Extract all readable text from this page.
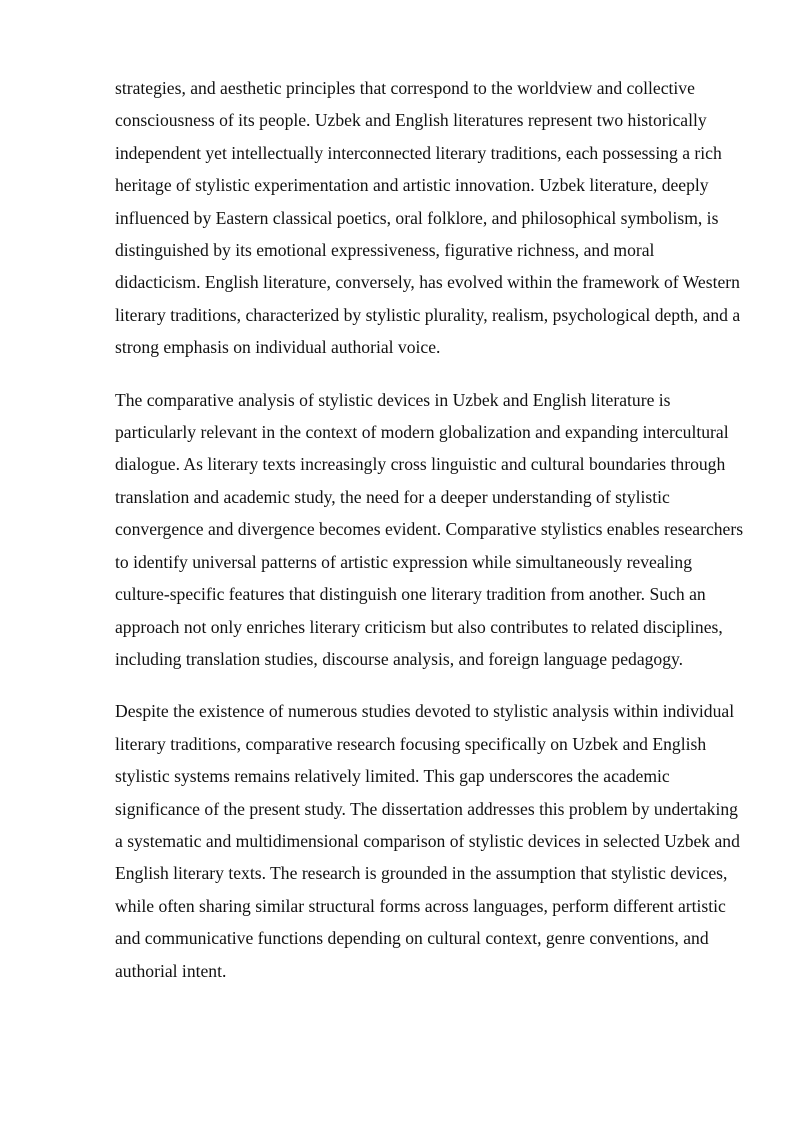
strategies, and aesthetic principles that correspond to the worldview and collective consciousness of its people. Uzbek and English literatures represent two historically independent yet intellectually interconnected literary traditions, each possessing a rich heritage of stylistic experimentation and artistic innovation. Uzbek literature, deeply influenced by Eastern classical poetics, oral folklore, and philosophical symbolism, is distinguished by its emotional expressiveness, figurative richness, and moral didacticism. English literature, conversely, has evolved within the framework of Western literary traditions, characterized by stylistic plurality, realism, psychological depth, and a strong emphasis on individual authorial voice.

The comparative analysis of stylistic devices in Uzbek and English literature is particularly relevant in the context of modern globalization and expanding intercultural dialogue. As literary texts increasingly cross linguistic and cultural boundaries through translation and academic study, the need for a deeper understanding of stylistic convergence and divergence becomes evident. Comparative stylistics enables researchers to identify universal patterns of artistic expression while simultaneously revealing culture-specific features that distinguish one literary tradition from another. Such an approach not only enriches literary criticism but also contributes to related disciplines, including translation studies, discourse analysis, and foreign language pedagogy.

Despite the existence of numerous studies devoted to stylistic analysis within individual literary traditions, comparative research focusing specifically on Uzbek and English stylistic systems remains relatively limited. This gap underscores the academic significance of the present study. The dissertation addresses this problem by undertaking a systematic and multidimensional comparison of stylistic devices in selected Uzbek and English literary texts. The research is grounded in the assumption that stylistic devices, while often sharing similar structural forms across languages, perform different artistic and communicative functions depending on cultural context, genre conventions, and authorial intent.
